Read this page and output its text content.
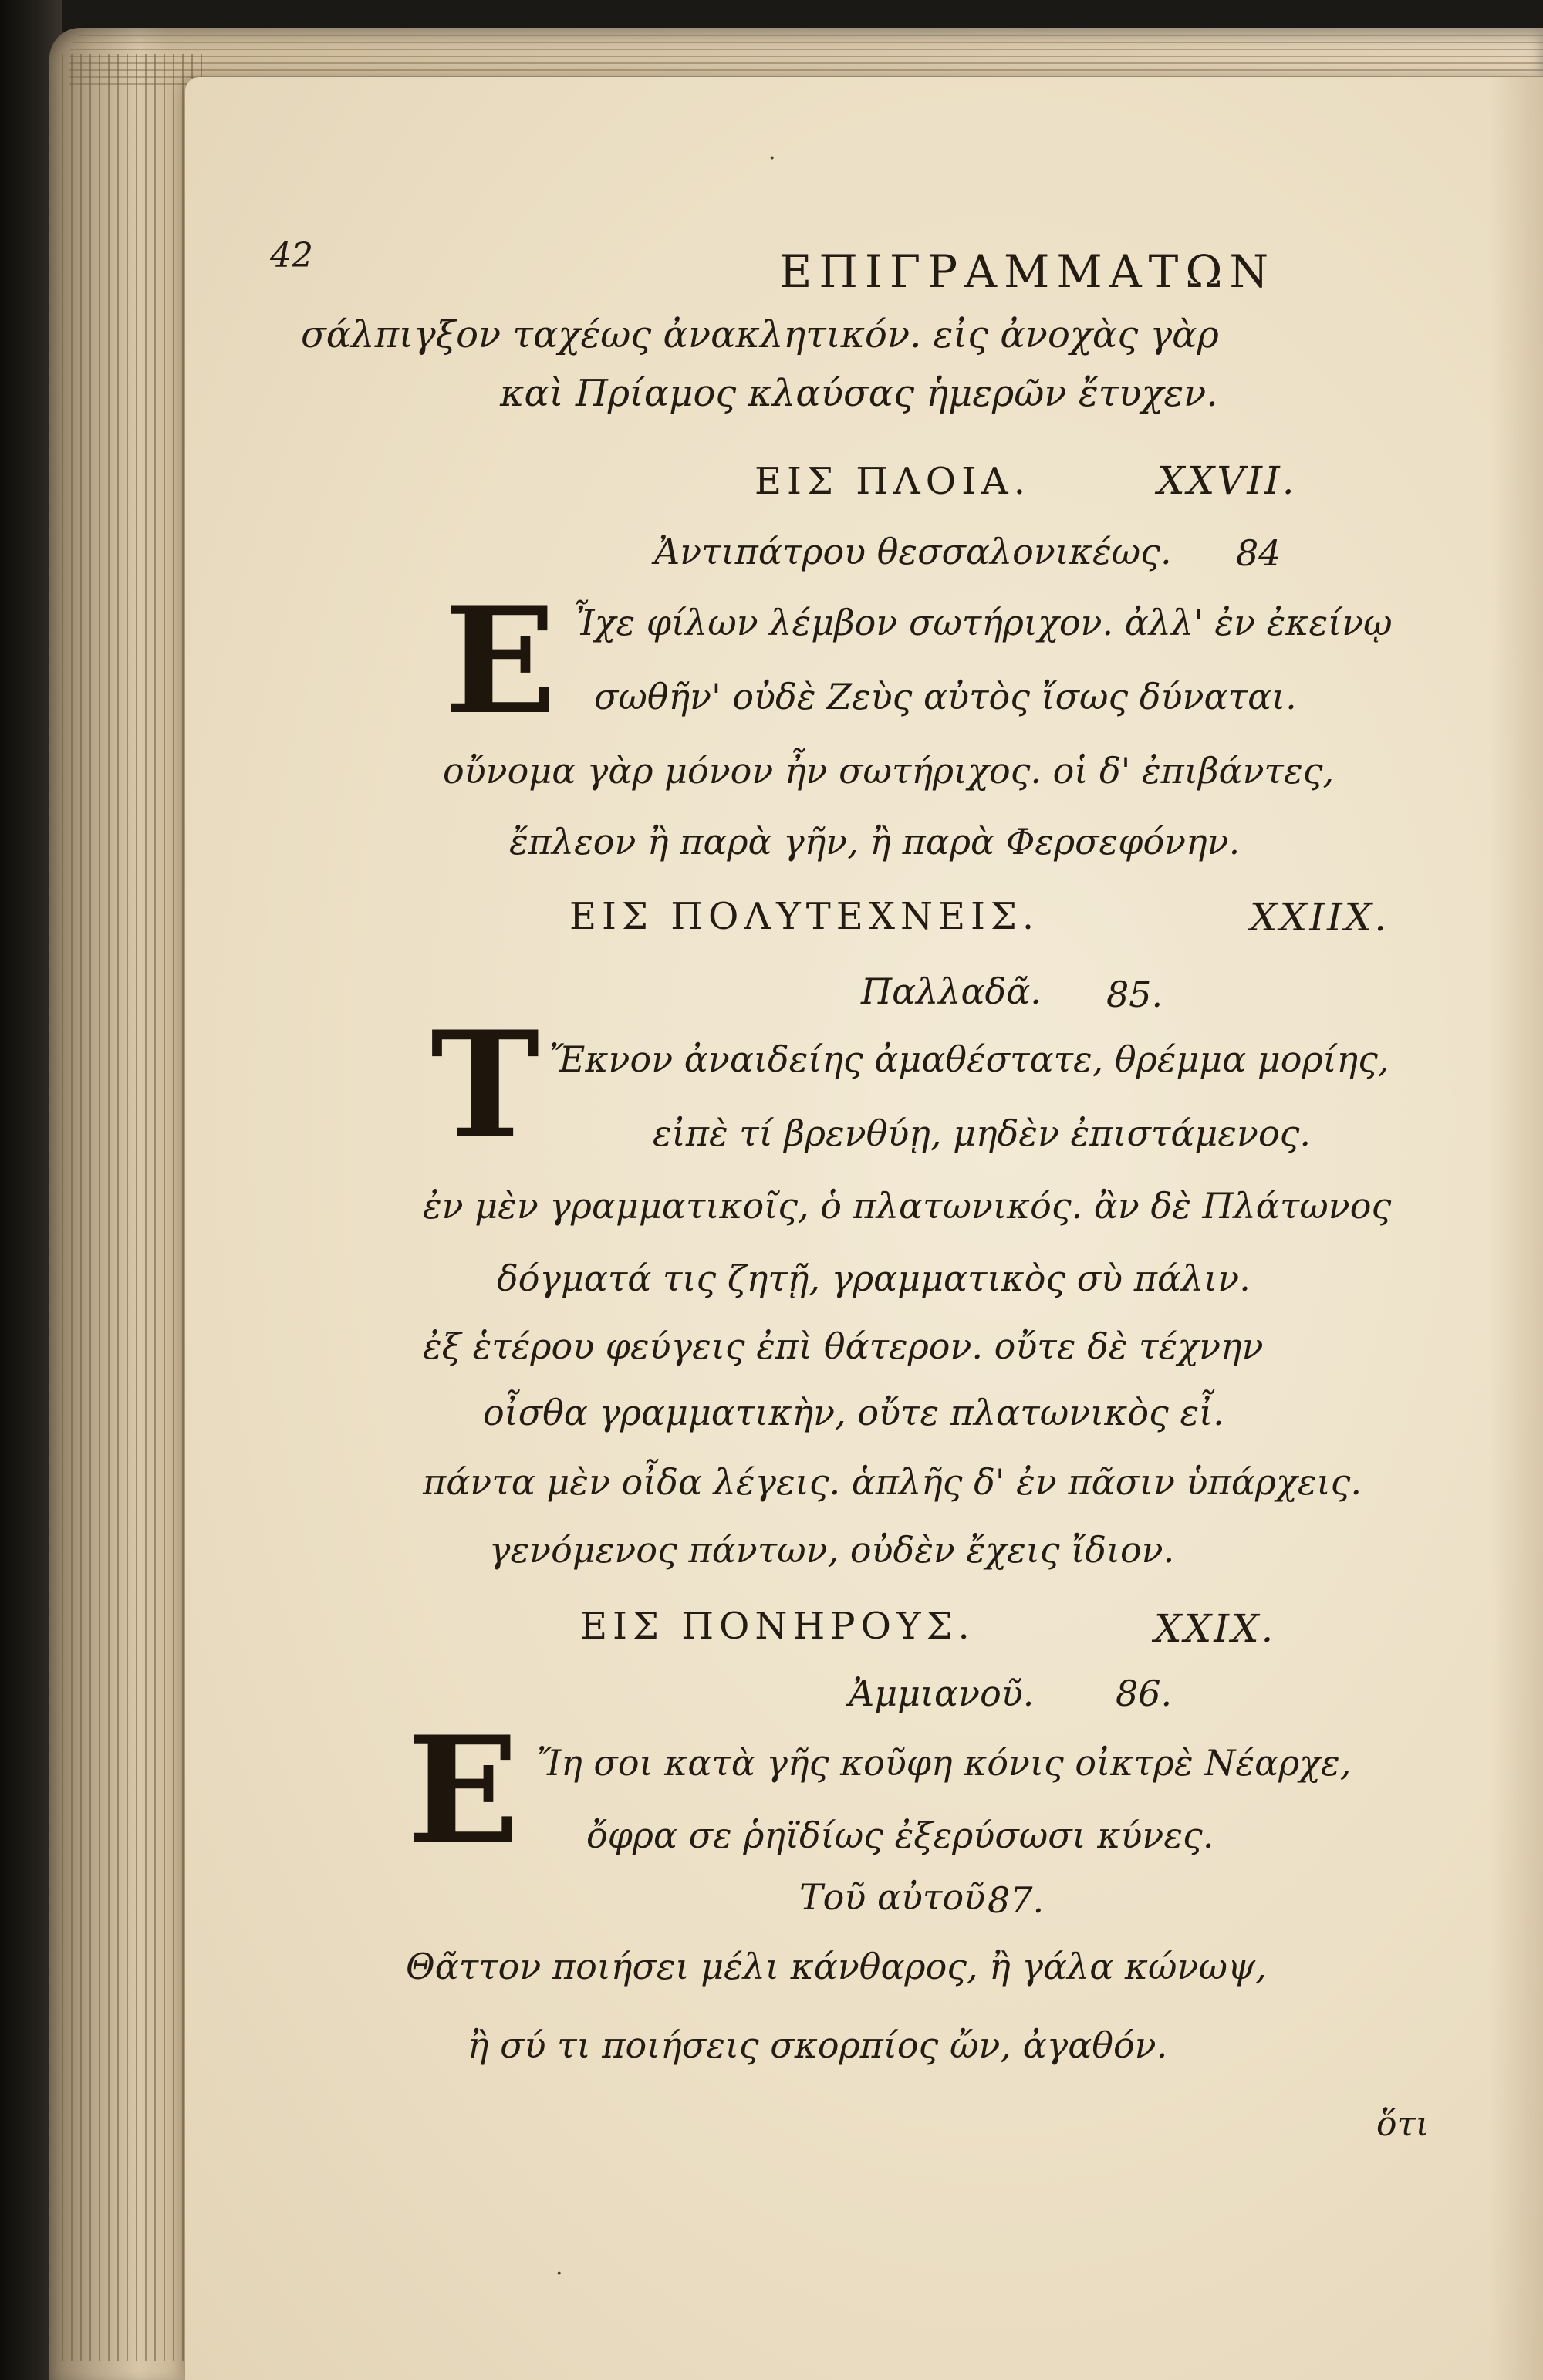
42	ΕΠΙΓΡΑΜΜΑΤΩΝ
σάλπιγξον ταχέως ἀνακλητικόν. εἰς ἀνοχὰς γὰρ
καὶ Πρίαμος κλαύσας ἡμερῶν ἔτυχεν.
ΕΙΣ ΠΛΟΙΑ.	XXVII.
Ἀντιπάτρου θεσσαλονικέως. 84
E Ἶχε φίλων λέμβον σωτήριχον. ἀλλ' ἐν ἐκείνῳ
σωθῆν' οὐδὲ Ζεὺς αὐτὸς ἴσως δύναται.
οὔνομα γὰρ μόνον ἦν σωτήριχος. οἱ δ' ἐπιβάντες,
ἔπλεον ἢ παρὰ γῆν, ἢ παρὰ Φερσεφόνην.
ΕΙΣ ΠΟΛΥΤΕΧΝΕΙΣ.	XXIIX.
Παλλαδᾶ. 85.
T Ἔκνον ἀναιδείης ἀμαθέστατε, θρέμμα μορίης,
εἰπὲ τί βρενθύῃ, μηδὲν ἐπιστάμενος.
ἐν μὲν γραμματικοῖς, ὁ πλατωνικός. ἂν δὲ Πλάτωνος
δόγματά τις ζητῇ, γραμματικὸς σὺ πάλιν.
ἐξ ἑτέρου φεύγεις ἐπὶ θάτερον. οὔτε δὲ τέχνην
οἶσθα γραμματικὴν, οὔτε πλατωνικὸς εἶ.
πάντα μὲν οἶδα λέγεις. ἁπλῆς δ' ἐν πᾶσιν ὑπάρχεις.
γενόμενος πάντων, οὐδὲν ἔχεις ἴδιον.
ΕΙΣ ΠΟΝΗΡΟΥΣ.	XXIX.
Ἀμμιανοῦ. 86.
E Ἴη σοι κατὰ γῆς κοῦφη κόνις οἰκτρὲ Νέαρχε,
ὄφρα σε ῥηϊδίως ἐξερύσωσι κύνες.
Τοῦ αὐτοῦ.
87.
Θᾶττον ποιήσει μέλι κάνθαρος, ἢ γάλα κώνωψ,
ἢ σύ τι ποιήσεις σκορπίος ὤν, ἀγαθόν.
ὅτι
·
·
